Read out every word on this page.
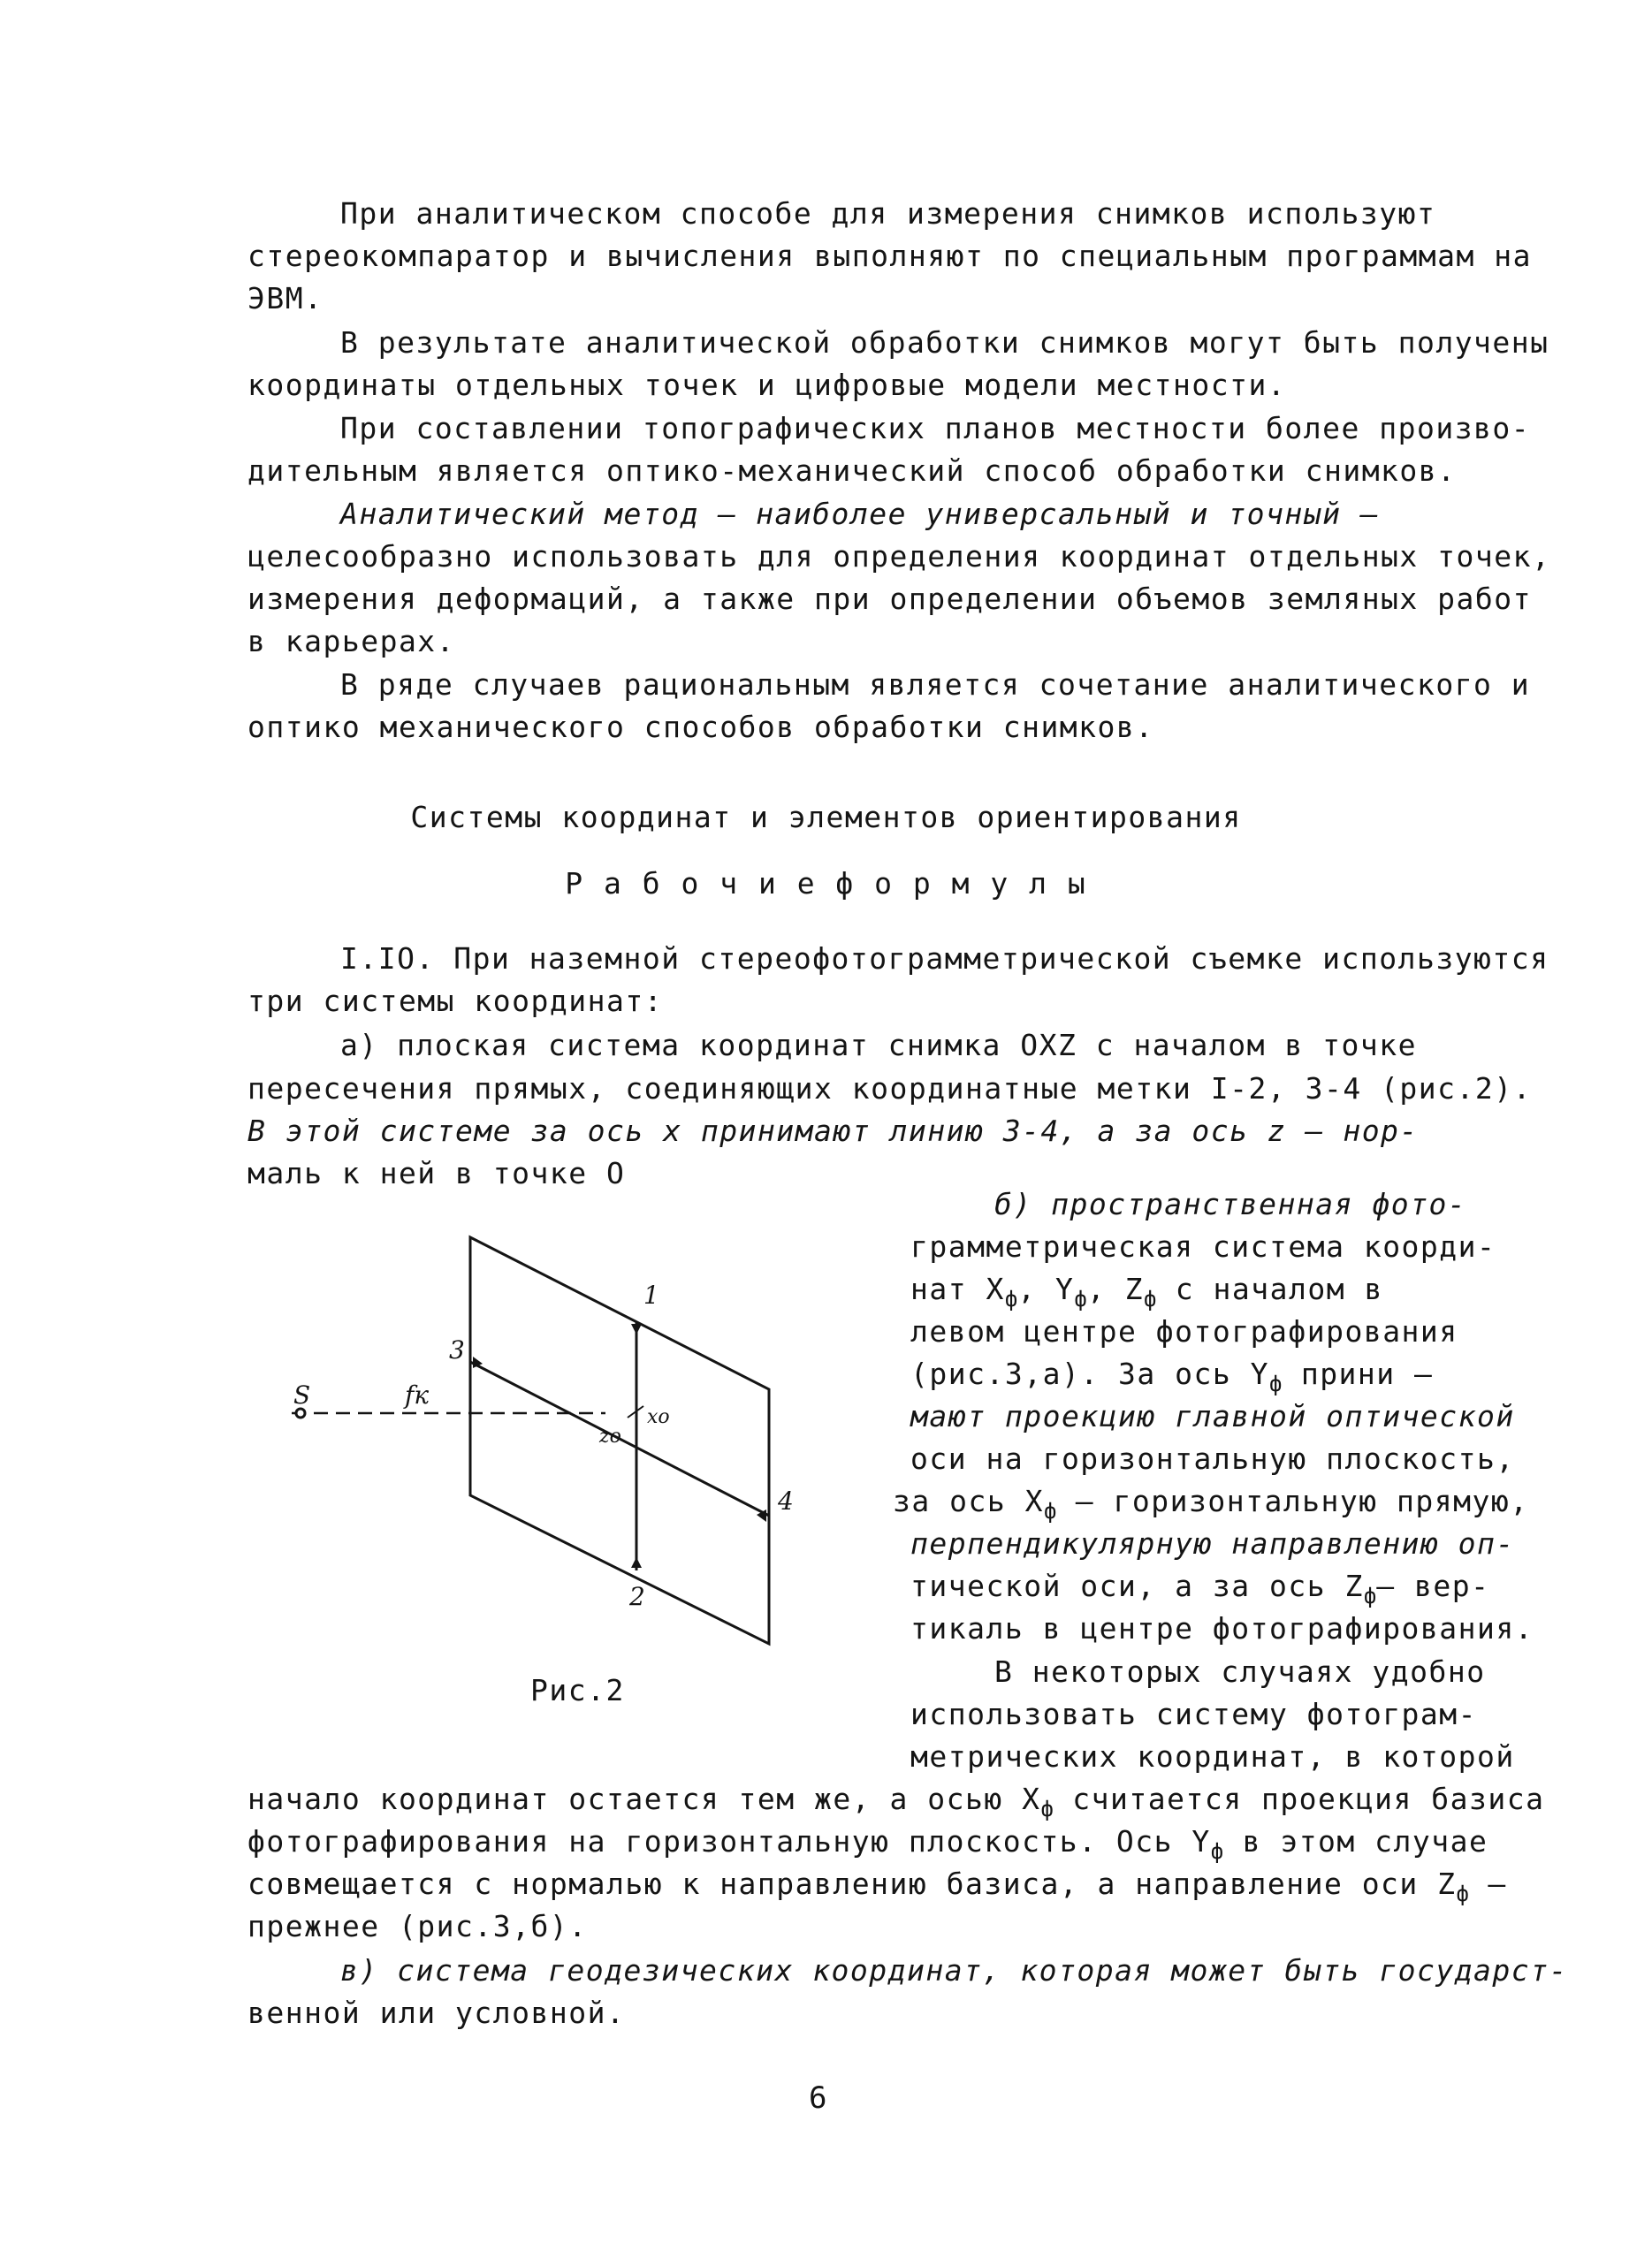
При аналитическом способе для измерения снимков используют
стереокомпаратор и вычисления выполняют по специальным программам на
ЭВМ.
В результате аналитической обработки снимков могут быть получены
координаты отдельных точек и цифровые модели местности.
При составлении топографических планов местности более произво-
дительным является оптико-механический способ обработки снимков.
Аналитический метод – наиболее универсальный и точный –
целесообразно использовать для определения координат отдельных точек,
измерения деформаций, а также при определении объемов земляных работ
в карьерах.
В ряде случаев рациональным является сочетание аналитического и
оптико механического способов обработки снимков.
Системы координат и элементов ориентирования
Р а б о ч и е ф о р м у л ы
I.IO. При наземной стереофотограмметрической съемке используются
три системы координат:
а) плоская система координат снимка OXZ с началом в точке
пересечения прямых, соединяющих координатные метки I-2, 3-4 (рис.2).
В этой системе за ось x принимают линию 3-4, а за ось z – нор-
маль к ней в точке O
б) пространственная фото-
грамметрическая система коорди-
нат $X_ф$, $Y_ф$, $Z_ф$ с началом в
левом центре фотографирования
(рис.3,а). За ось $Y_ф$ прини –
мают проекцию главной оптической
оси на горизонтальную плоскость,
за ось $X_ф$ – горизонтальную прямую,
перпендикулярную направлению оп-
тической оси, а за ось $Z_ф-$ вер-
тикаль в центре фотографирования.
В некоторых случаях удобно
использовать систему фотограм-
метрических координат, в которой
начало координат остается тем же, а осью $X_ф$ считается проекция базиса
фотографирования на горизонтальную плоскость. Ось $Y_ф$ в этом случае
совмещается с нормалью к направлению базиса, а направление оси $Z_ф$ –
прежнее (рис.3,б).
в) система геодезических координат, которая может быть государст-
венной или условной.
1
2
3
4
S	fк
xo
zo
Рис.2
6
